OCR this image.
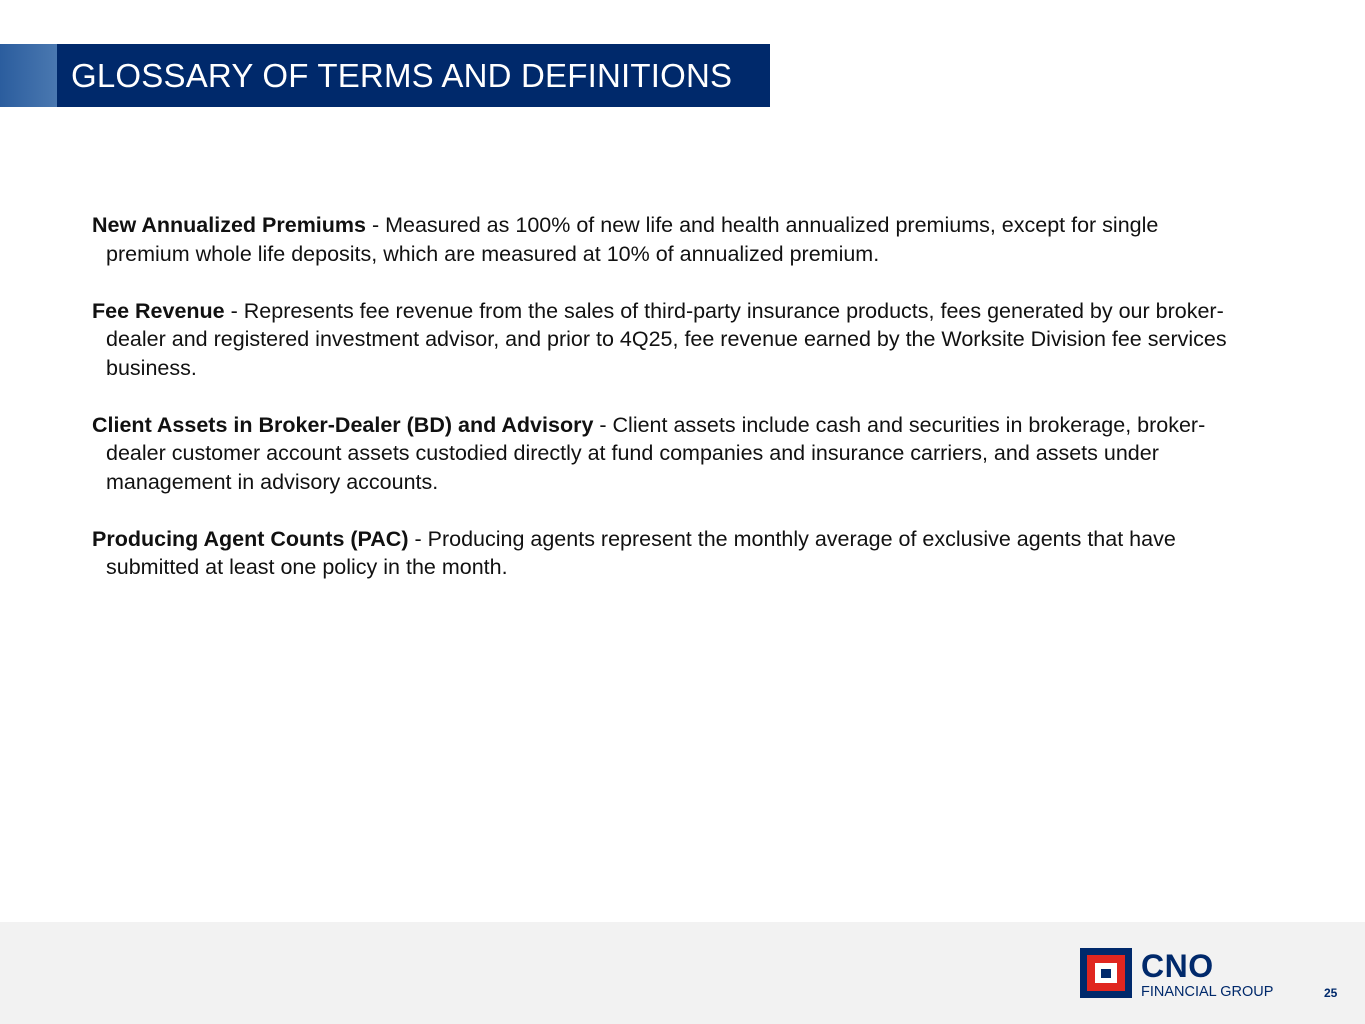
GLOSSARY OF TERMS AND DEFINITIONS

New Annualized Premiums - Measured as 100% of new life and health annualized premiums, except for single premium whole life deposits, which are measured at 10% of annualized premium.

Fee Revenue - Represents fee revenue from the sales of third-party insurance products, fees generated by our broker-dealer and registered investment advisor, and prior to 4Q25, fee revenue earned by the Worksite Division fee services business.

Client Assets in Broker-Dealer (BD) and Advisory - Client assets include cash and securities in brokerage, broker-dealer customer account assets custodied directly at fund companies and insurance carriers, and assets under management in advisory accounts.

Producing Agent Counts (PAC) - Producing agents represent the monthly average of exclusive agents that have submitted at least one policy in the month.

CNO
FINANCIAL GROUP	25
